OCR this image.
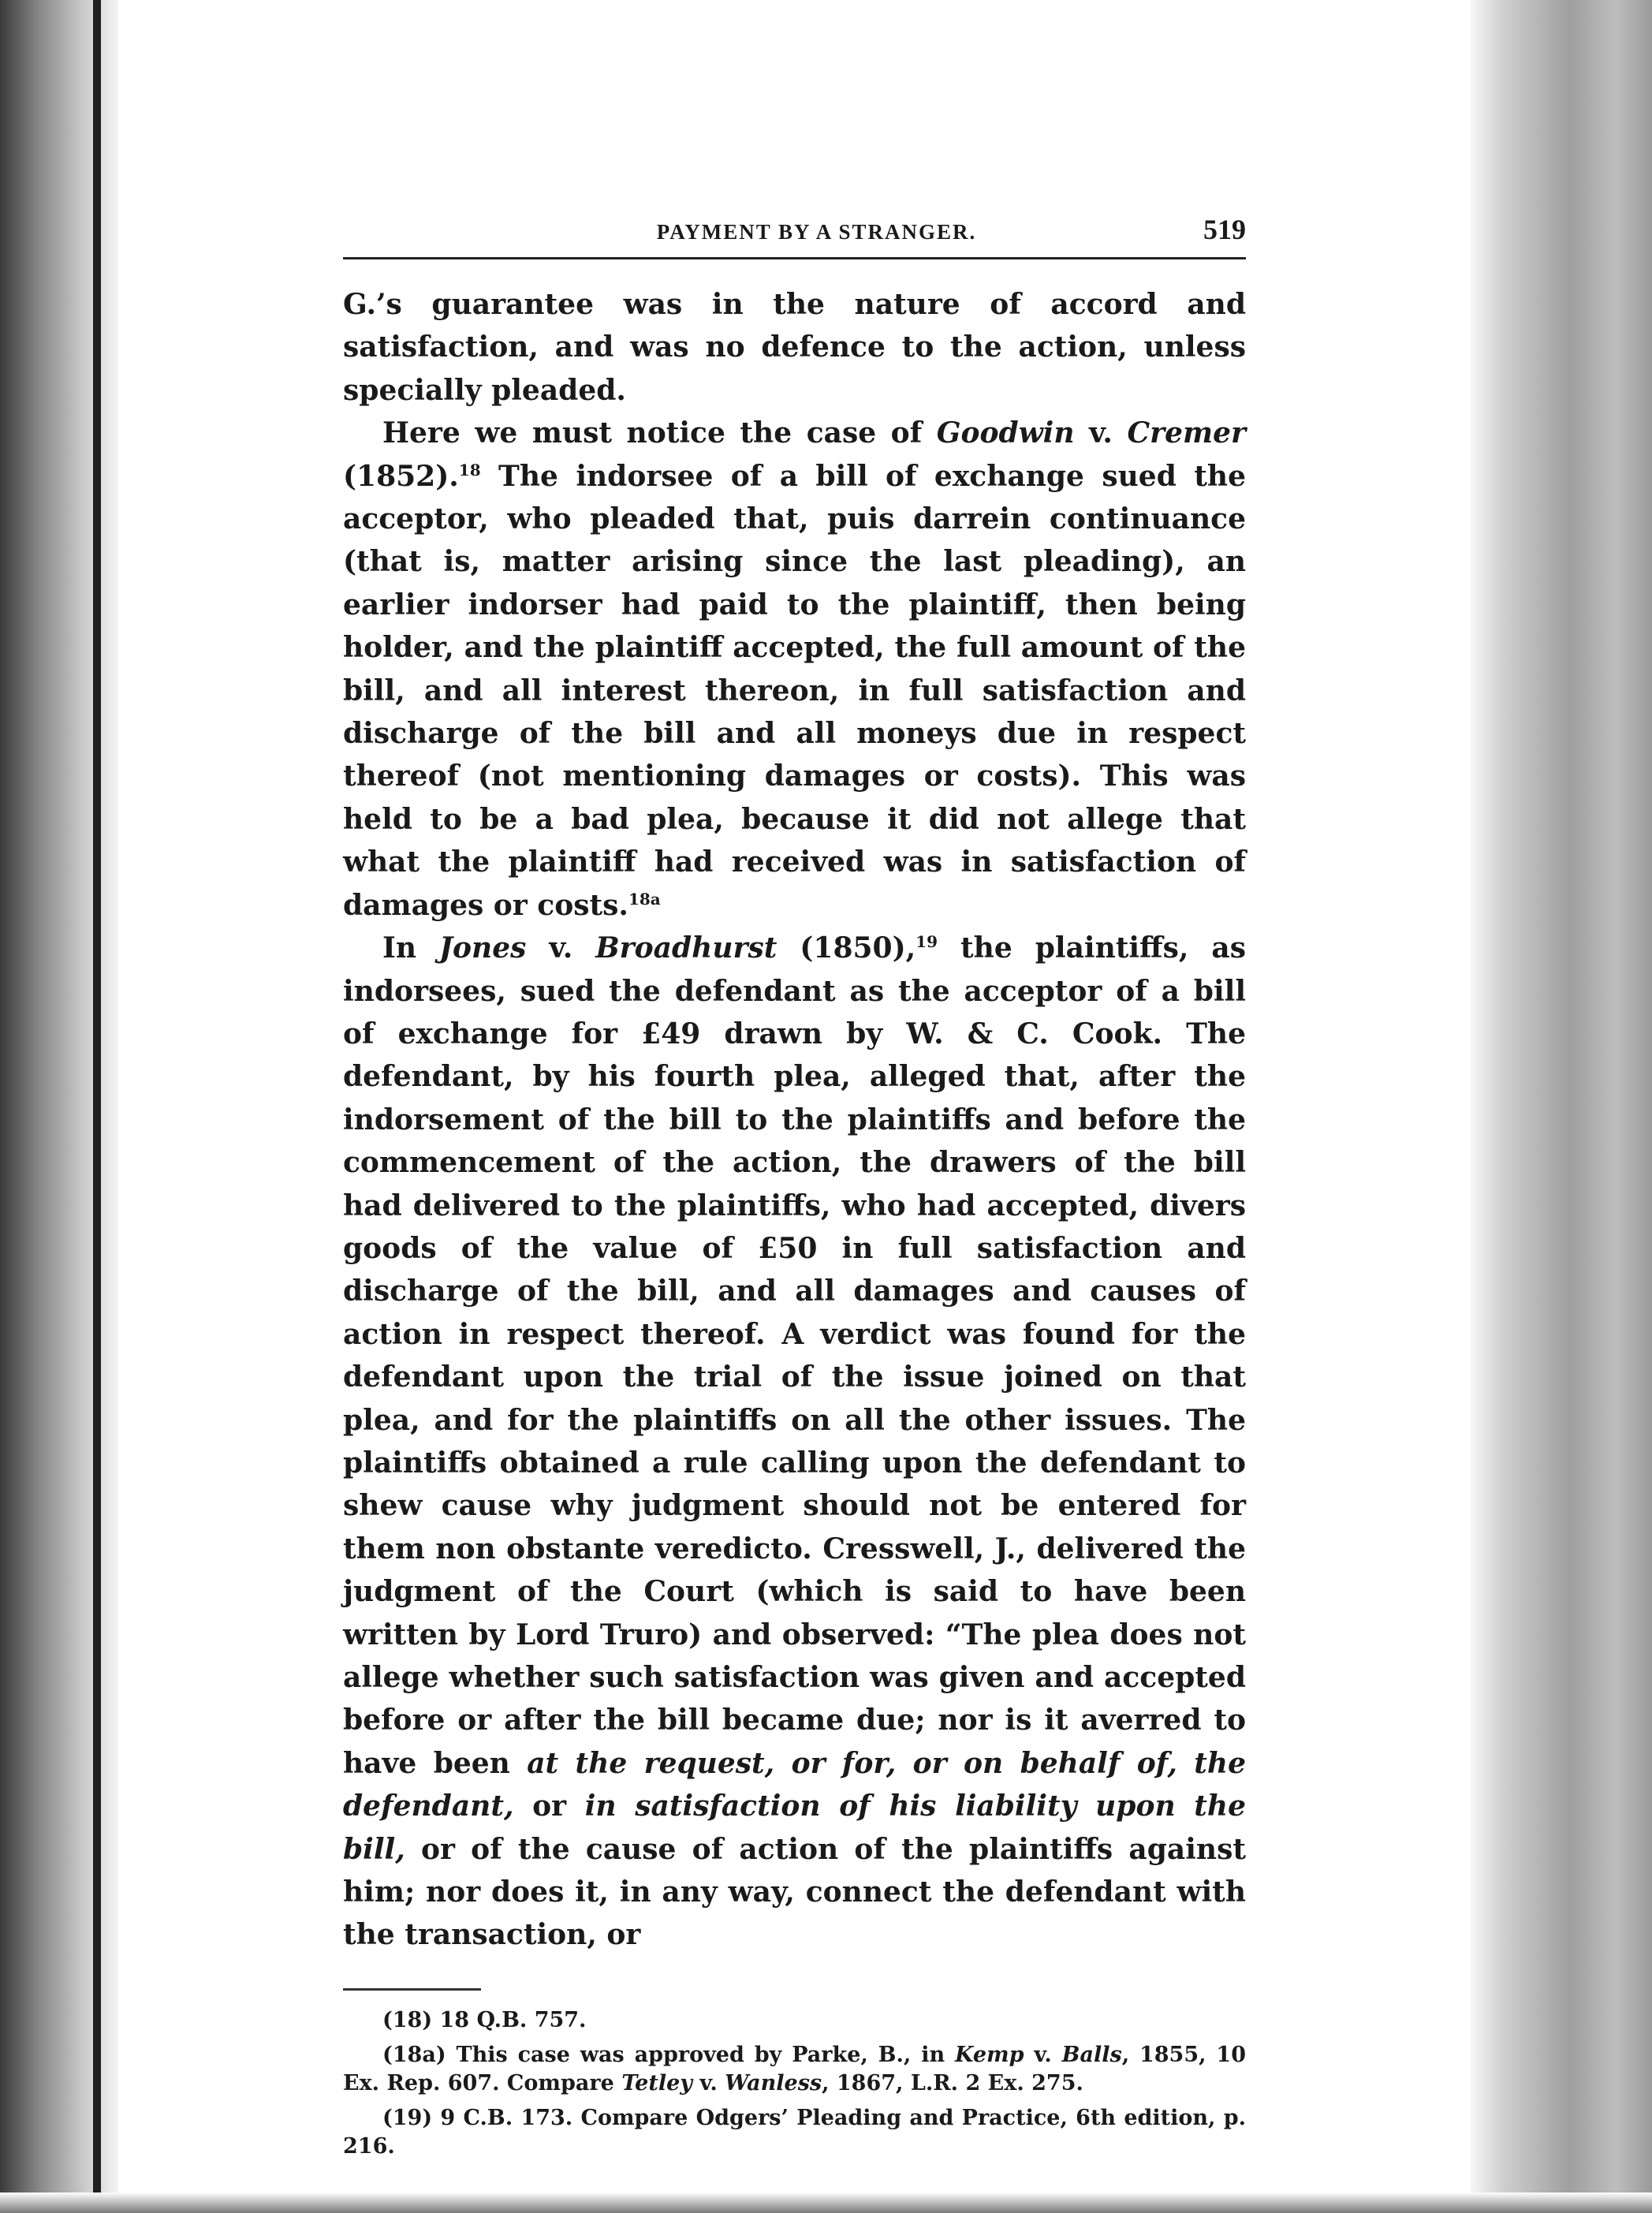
PAYMENT BY A STRANGER.	519

G.’s guarantee was in the nature of accord and satisfaction, and was no defence to the action, unless specially pleaded.

Here we must notice the case of Goodwin v. Cremer (1852).$^{18}$ The indorsee of a bill of exchange sued the acceptor, who pleaded that, puis darrein continuance (that is, matter arising since the last pleading), an earlier indorser had paid to the plaintiff, then being holder, and the plaintiff accepted, the full amount of the bill, and all interest thereon, in full satisfaction and discharge of the bill and all moneys due in respect thereof (not mentioning damages or costs). This was held to be a bad plea, because it did not allege that what the plaintiff had received was in satisfaction of damages or costs.$^{18a}$

In Jones v. Broadhurst (1850),$^{19}$ the plaintiffs, as indorsees, sued the defendant as the acceptor of a bill of exchange for £49 drawn by W. & C. Cook. The defendant, by his fourth plea, alleged that, after the indorsement of the bill to the plaintiffs and before the commencement of the action, the drawers of the bill had delivered to the plaintiffs, who had accepted, divers goods of the value of £50 in full satisfaction and discharge of the bill, and all damages and causes of action in respect thereof. A verdict was found for the defendant upon the trial of the issue joined on that plea, and for the plaintiffs on all the other issues. The plaintiffs obtained a rule calling upon the defendant to shew cause why judgment should not be entered for them non obstante veredicto. Cresswell, J., delivered the judgment of the Court (which is said to have been written by Lord Truro) and observed: “The plea does not allege whether such satisfaction was given and accepted before or after the bill became due; nor is it averred to have been at the request, or for, or on behalf of, the defendant, or in satisfaction of his liability upon the bill, or of the cause of action of the plaintiffs against him; nor does it, in any way, connect the defendant with the transaction, or

(18) 18 Q.B. 757.

(18a) This case was approved by Parke, B., in Kemp v. Balls, 1855, 10 Ex. Rep. 607. Compare Tetley v. Wanless, 1867, L.R. 2 Ex. 275.

(19) 9 C.B. 173. Compare Odgers’ Pleading and Practice, 6th edition, p. 216.
